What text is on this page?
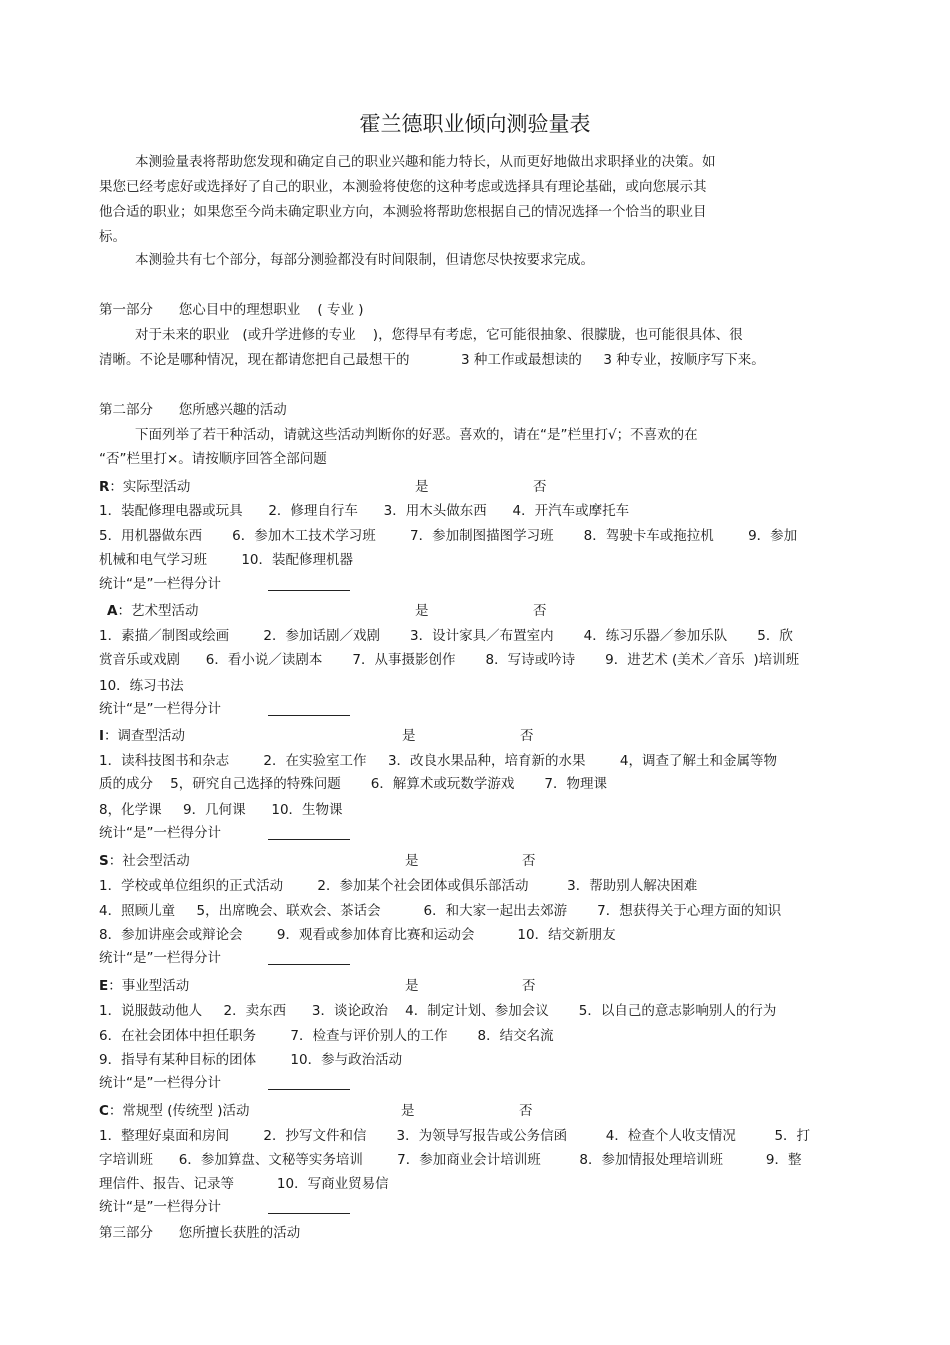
霍兰德职业倾向测验量表
本测验量表将帮助您发现和确定自己的职业兴趣和能力特长，从而更好地做出求职择业的决策。如
果您已经考虑好或选择好了自己的职业，本测验将使您的这种考虑或选择具有理论基础，或向您展示其
他合适的职业；如果您至今尚未确定职业方向，本测验将帮助您根据自己的情况选择一个恰当的职业目
标。
本测验共有七个部分，每部分测验都没有时间限制，但请您尽快按要求完成。
第一部分      您心目中的理想职业    ( 专业 )
对于未来的职业   (或升学进修的专业    )，您得早有考虑，它可能很抽象、很朦胧，也可能很具体、很
清晰。不论是哪种情况，现在都请您把自己最想干的            3 种工作或最想读的     3 种专业，按顺序写下来。
第二部分      您所感兴趣的活动
下面列举了若干种活动，请就这些活动判断你的好恶。喜欢的，请在“是”栏里打√；不喜欢的在
“否”栏里打×。请按顺序回答全部问题
R：实际型活动	是	否
1．装配修理电器或玩具      2．修理自行车      3．用木头做东西      4．开汽车或摩托车
5．用机器做东西       6．参加木工技术学习班        7．参加制图描图学习班       8．驾驶卡车或拖拉机        9．参加
机械和电气学习班        10．装配修理机器
统计“是”一栏得分计
A：艺术型活动	是	否
1．素描／制图或绘画        2．参加话剧／戏剧       3．设计家具／布置室内       4．练习乐器／参加乐队       5．欣
赏音乐或戏剧      6．看小说／读剧本       7．从事摄影创作       8．写诗或吟诗       9．进艺术 (美术／音乐  )培训班
10．练习书法
统计“是”一栏得分计
I：调查型活动	是	否
1．读科技图书和杂志        2．在实验室工作     3．改良水果品种，培育新的水果        4，调查了解土和金属等物
质的成分    5，研究自己选择的特殊问题       6．解算术或玩数学游戏       7．物理课
8，化学课     9．几何课      10．生物课
统计“是”一栏得分计
S：社会型活动	是	否
1．学校或单位组织的正式活动        2．参加某个社会团体或俱乐部活动         3．帮助别人解决困难
4．照顾儿童     5，出席晚会、联欢会、茶话会          6．和大家一起出去郊游       7．想获得关于心理方面的知识
8．参加讲座会或辩论会        9．观看或参加体育比赛和运动会          10．结交新朋友
统计“是”一栏得分计
E：事业型活动	是	否
1．说服鼓动他人     2．卖东西      3．谈论政治    4．制定计划、参加会议       5．以自己的意志影响别人的行为
6．在社会团体中担任职务        7．检查与评价别人的工作       8．结交名流
9．指导有某种目标的团体        10．参与政治活动
统计“是”一栏得分计
C：常规型 (传统型 )活动	是	否
1．整理好桌面和房间        2．抄写文件和信       3．为领导写报告或公务信函         4．检查个人收支情况         5．打
字培训班      6．参加算盘、文秘等实务培训        7．参加商业会计培训班         8．参加情报处理培训班          9．整
理信件、报告、记录等          10．写商业贸易信
统计“是”一栏得分计
第三部分      您所擅长获胜的活动
